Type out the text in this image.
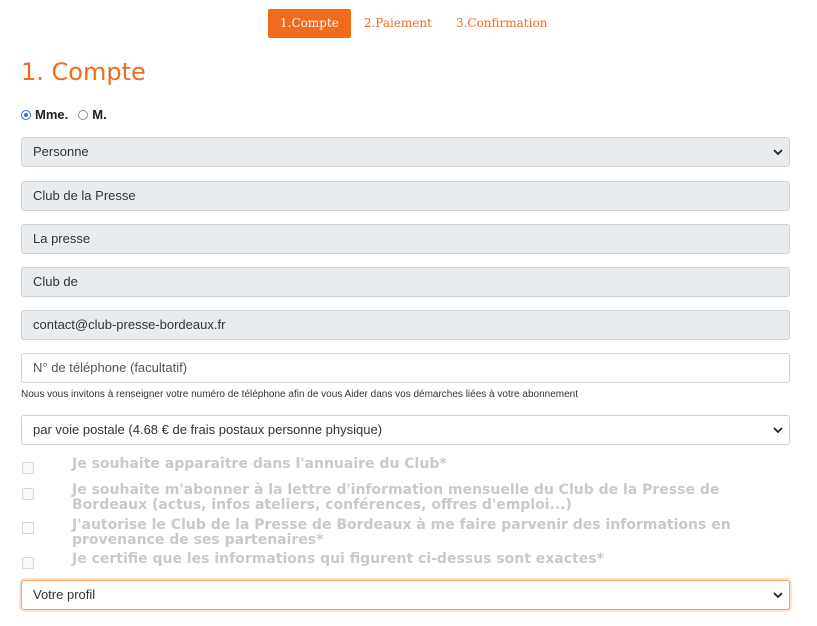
1.Compte	2.Paiement	3.Confirmation
1. Compte
Mme. M.
Personne
Club de la Presse
La presse
Club de
contact@club-presse-bordeaux.fr
N° de téléphone (facultatif)
Nous vous invitons à renseigner votre numéro de téléphone afin de vous Aider dans vos démarches liées à votre abonnement
par voie postale (4.68 € de frais postaux personne physique)
Je souhaite apparaître dans l'annuaire du Club*
Je souhaite m'abonner à la lettre d'information mensuelle du Club de la Presse de Bordeaux (actus, infos ateliers, conférences, offres d'emploi...)
J'autorise le Club de la Presse de Bordeaux à me faire parvenir des informations en provenance de ses partenaires*
Je certifie que les informations qui figurent ci-dessus sont exactes*
Votre profil
